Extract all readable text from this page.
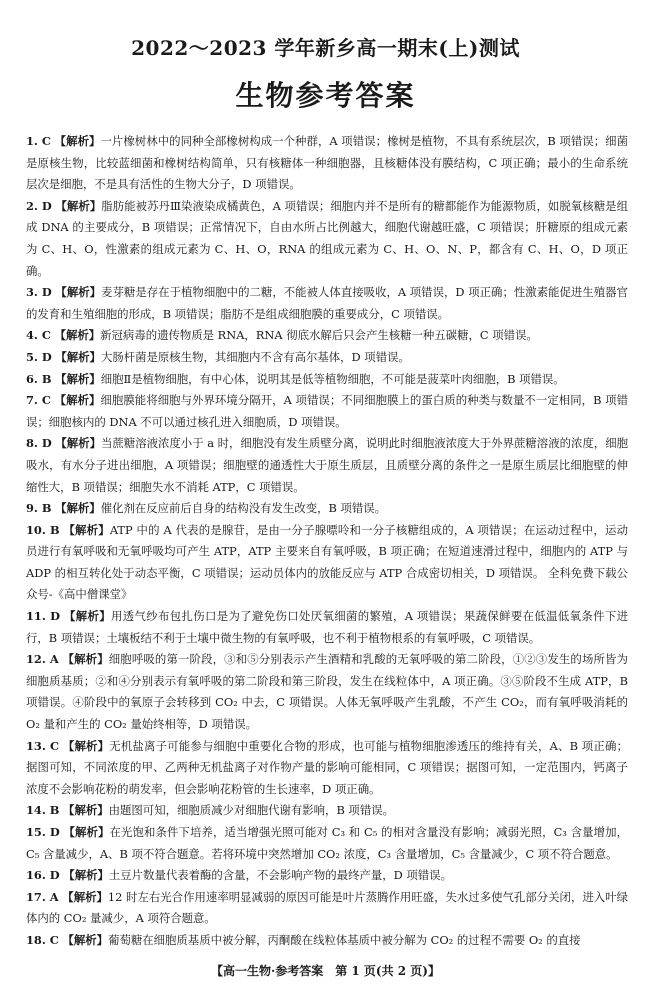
2022～2023 学年新乡高一期末(上)测试
生物参考答案

1. C 【解析】一片橡树林中的同种全部橡树构成一个种群，A 项错误；橡树是植物，不具有系统层次，B 项错误；细菌是原核生物，比较蓝细菌和橡树结构简单，只有核糖体一种细胞器，且核糖体没有膜结构，C 项正确；最小的生命系统层次是细胞，不是具有活性的生物大分子，D 项错误。

2. D 【解析】脂肪能被苏丹Ⅲ染液染成橘黄色，A 项错误；细胞内并不是所有的糖都能作为能源物质，如脱氧核糖是组成 DNA 的主要成分，B 项错误；正常情况下，自由水所占比例越大，细胞代谢越旺盛，C 项错误；肝糖原的组成元素为 C、H、O，性激素的组成元素为 C、H、O，RNA 的组成元素为 C、H、O、N、P，都含有 C、H、O，D 项正确。

3. D 【解析】麦芽糖是存在于植物细胞中的二糖，不能被人体直接吸收，A 项错误，D 项正确；性激素能促进生殖器官的发育和生殖细胞的形成，B 项错误；脂肪不是组成细胞膜的重要成分，C 项错误。

4. C 【解析】新冠病毒的遗传物质是 RNA，RNA 彻底水解后只会产生核糖一种五碳糖，C 项错误。

5. D 【解析】大肠杆菌是原核生物，其细胞内不含有高尔基体，D 项错误。

6. B 【解析】细胞Ⅱ是植物细胞，有中心体，说明其是低等植物细胞，不可能是菠菜叶肉细胞，B 项错误。

7. C 【解析】细胞膜能将细胞与外界环境分隔开，A 项错误；不同细胞膜上的蛋白质的种类与数量不一定相同，B 项错误；细胞核内的 DNA 不可以通过核孔进入细胞质，D 项错误。

8. D 【解析】当蔗糖溶液浓度小于 a 时，细胞没有发生质壁分离，说明此时细胞液浓度大于外界蔗糖溶液的浓度，细胞吸水，有水分子进出细胞，A 项错误；细胞壁的通透性大于原生质层，且质壁分离的条件之一是原生质层比细胞壁的伸缩性大，B 项错误；细胞失水不消耗 ATP，C 项错误。

9. B 【解析】催化剂在反应前后自身的结构没有发生改变，B 项错误。

10. B 【解析】ATP 中的 A 代表的是腺苷，是由一分子腺嘌呤和一分子核糖组成的，A 项错误；在运动过程中，运动员进行有氧呼吸和无氧呼吸均可产生 ATP，ATP 主要来自有氧呼吸，B 项正确；在短道速滑过程中，细胞内的 ATP 与 ADP 的相互转化处于动态平衡，C 项错误；运动员体内的放能反应与 ATP 合成密切相关，D 项错误。 全科免费下载公众号-《高中僧课堂》

11. D 【解析】用透气纱布包扎伤口是为了避免伤口处厌氧细菌的繁殖，A 项错误；果蔬保鲜要在低温低氧条件下进行，B 项错误；土壤板结不利于土壤中微生物的有氧呼吸，也不利于植物根系的有氧呼吸，C 项错误。

12. A 【解析】细胞呼吸的第一阶段，③和⑤分别表示产生酒精和乳酸的无氧呼吸的第二阶段，①②③发生的场所皆为细胞质基质；②和④分别表示有氧呼吸的第二阶段和第三阶段，发生在线粒体中，A 项正确。③⑤阶段不生成 ATP，B 项错误。④阶段中的氧原子会转移到 CO₂ 中去，C 项错误。人体无氧呼吸产生乳酸，不产生 CO₂，而有氧呼吸消耗的 O₂ 量和产生的 CO₂ 量始终相等，D 项错误。

13. C 【解析】无机盐离子可能参与细胞中重要化合物的形成，也可能与植物细胞渗透压的维持有关，A、B 项正确；据图可知，不同浓度的甲、乙两种无机盐离子对作物产量的影响可能相同，C 项错误；据图可知，一定范围内，钙离子浓度不会影响花粉的萌发率，但会影响花粉管的生长速率，D 项正确。

14. B 【解析】由题图可知，细胞质减少对细胞代谢有影响，B 项错误。

15. D 【解析】在光饱和条件下培养，适当增强光照可能对 C₃ 和 C₅ 的相对含量没有影响；减弱光照，C₃ 含量增加，C₅ 含量减少，A、B 项不符合题意。若将环境中突然增加 CO₂ 浓度，C₃ 含量增加，C₅ 含量减少，C 项不符合题意。

16. D 【解析】土豆片数量代表着酶的含量，不会影响产物的最终产量，D 项错误。

17. A 【解析】12 时左右光合作用速率明显减弱的原因可能是叶片蒸腾作用旺盛，失水过多使气孔部分关闭，进入叶绿体内的 CO₂ 量减少，A 项符合题意。

18. C 【解析】葡萄糖在细胞质基质中被分解，丙酮酸在线粒体基质中被分解为 CO₂ 的过程不需要 O₂ 的直接

【高一生物·参考答案　第 1 页(共 2 页)】
